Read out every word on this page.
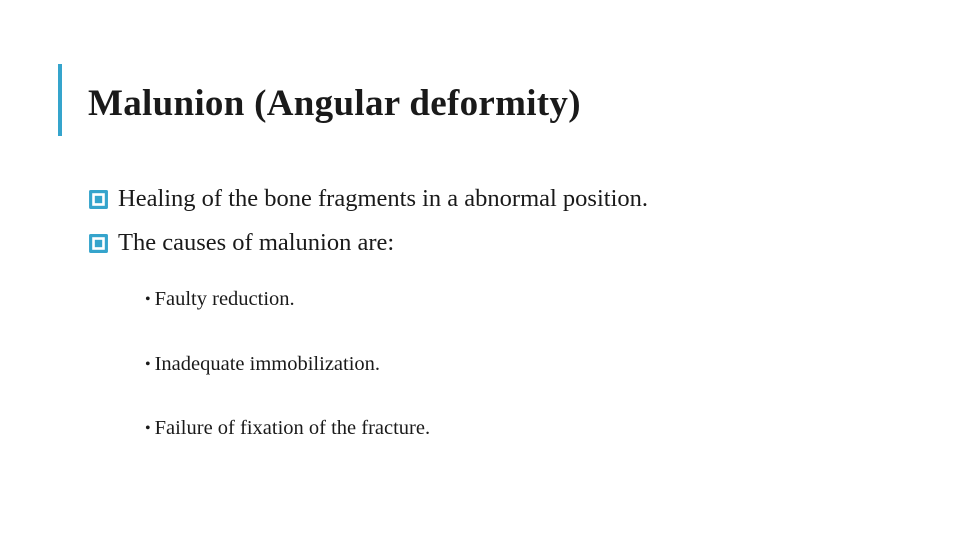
Malunion (Angular deformity)
Healing of the bone fragments in a abnormal position.
The causes of malunion are:
• Faulty reduction.
• Inadequate immobilization.
• Failure of fixation of the fracture.
